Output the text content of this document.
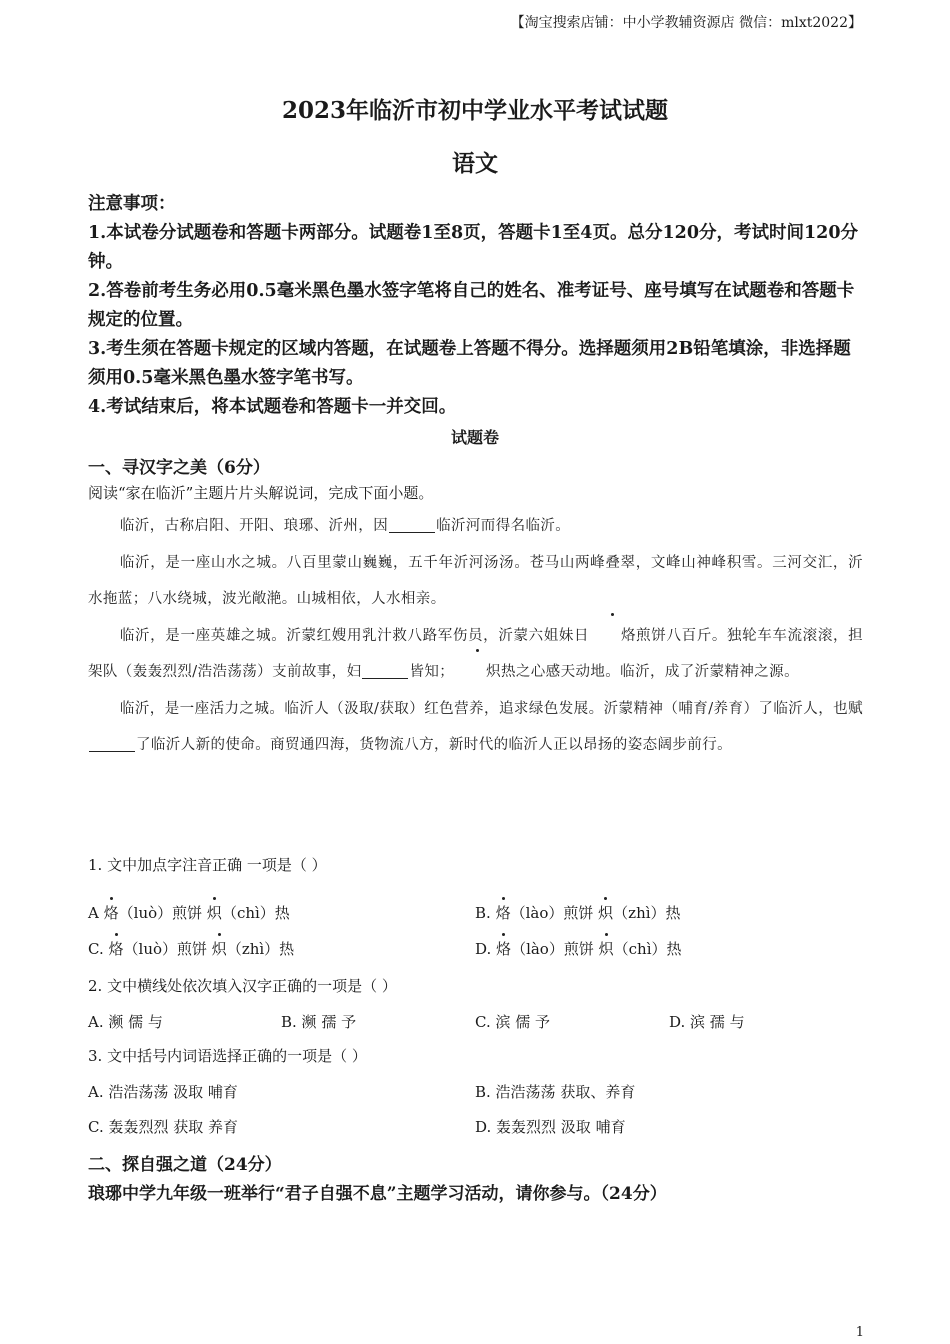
【淘宝搜索店铺：中小学教辅资源店 微信：mlxt2022】
2023年临沂市初中学业水平考试试题
语文

注意事项：

1.本试卷分试题卷和答题卡两部分。试题卷1至8页，答题卡1至4页。总分120分，考试时间120分钟。

2.答卷前考生务必用0.5毫米黑色墨水签字笔将自己的姓名、准考证号、座号填写在试题卷和答题卡规定的位置。

3.考生须在答题卡规定的区域内答题，在试题卷上答题不得分。选择题须用2B铅笔填涂，非选择题须用0.5毫米黑色墨水签字笔书写。

4.考试结束后，将本试题卷和答题卡一并交回。

试题卷
一、寻汉字之美（6分）
阅读“家在临沂”主题片片头解说词，完成下面小题。

临沂，古称启阳、开阳、琅琊、沂州，因	临沂河而得名临沂。

临沂，是一座山水之城。八百里蒙山巍巍，五千年沂河汤汤。苍马山两峰叠翠，文峰山神峰积雪。三河交汇，沂水拖蓝；八水绕城，波光敞滟。山城相依，人水相亲。

临沂，是一座英雄之城。沂蒙红嫂用乳汁救八路军伤员，沂蒙六姐妹日 烙煎饼八百斤。独轮车车流滚滚，担架队（轰轰烈烈/浩浩荡荡）支前故事，妇	皆知； 炽热之心感天动地。临沂，成了沂蒙精神之源。

临沂，是一座活力之城。临沂人（汲取/获取）红色营养，追求绿色发展。沂蒙精神（哺育/养育）了临沂人，也赋了临沂人新的使命。商贸通四海，货物流八方，新时代的临沂人正以昂扬的姿态阔步前行。

1. 文中加点字注音正确 一项是（ ）
A 烙（luò）煎饼 炽（chì）热	B. 烙（lào）煎饼 炽（zhì）热
C. 烙（luò）煎饼 炽（zhì）热	D. 烙（lào）煎饼 炽（chì）热
2. 文中横线处依次填入汉字正确的一项是（ ）
A. 濒 儒 与	B. 濒 孺 予	C. 滨 儒 予	D. 滨 孺 与
3. 文中括号内词语选择正确的一项是（ ）
A. 浩浩荡荡 汲取 哺育	B. 浩浩荡荡 获取、养育
C. 轰轰烈烈 获取 养育	D. 轰轰烈烈 汲取 哺育
二、探自强之道（24分）
琅琊中学九年级一班举行“君子自强不息”主题学习活动，请你参与。（24分）
1
